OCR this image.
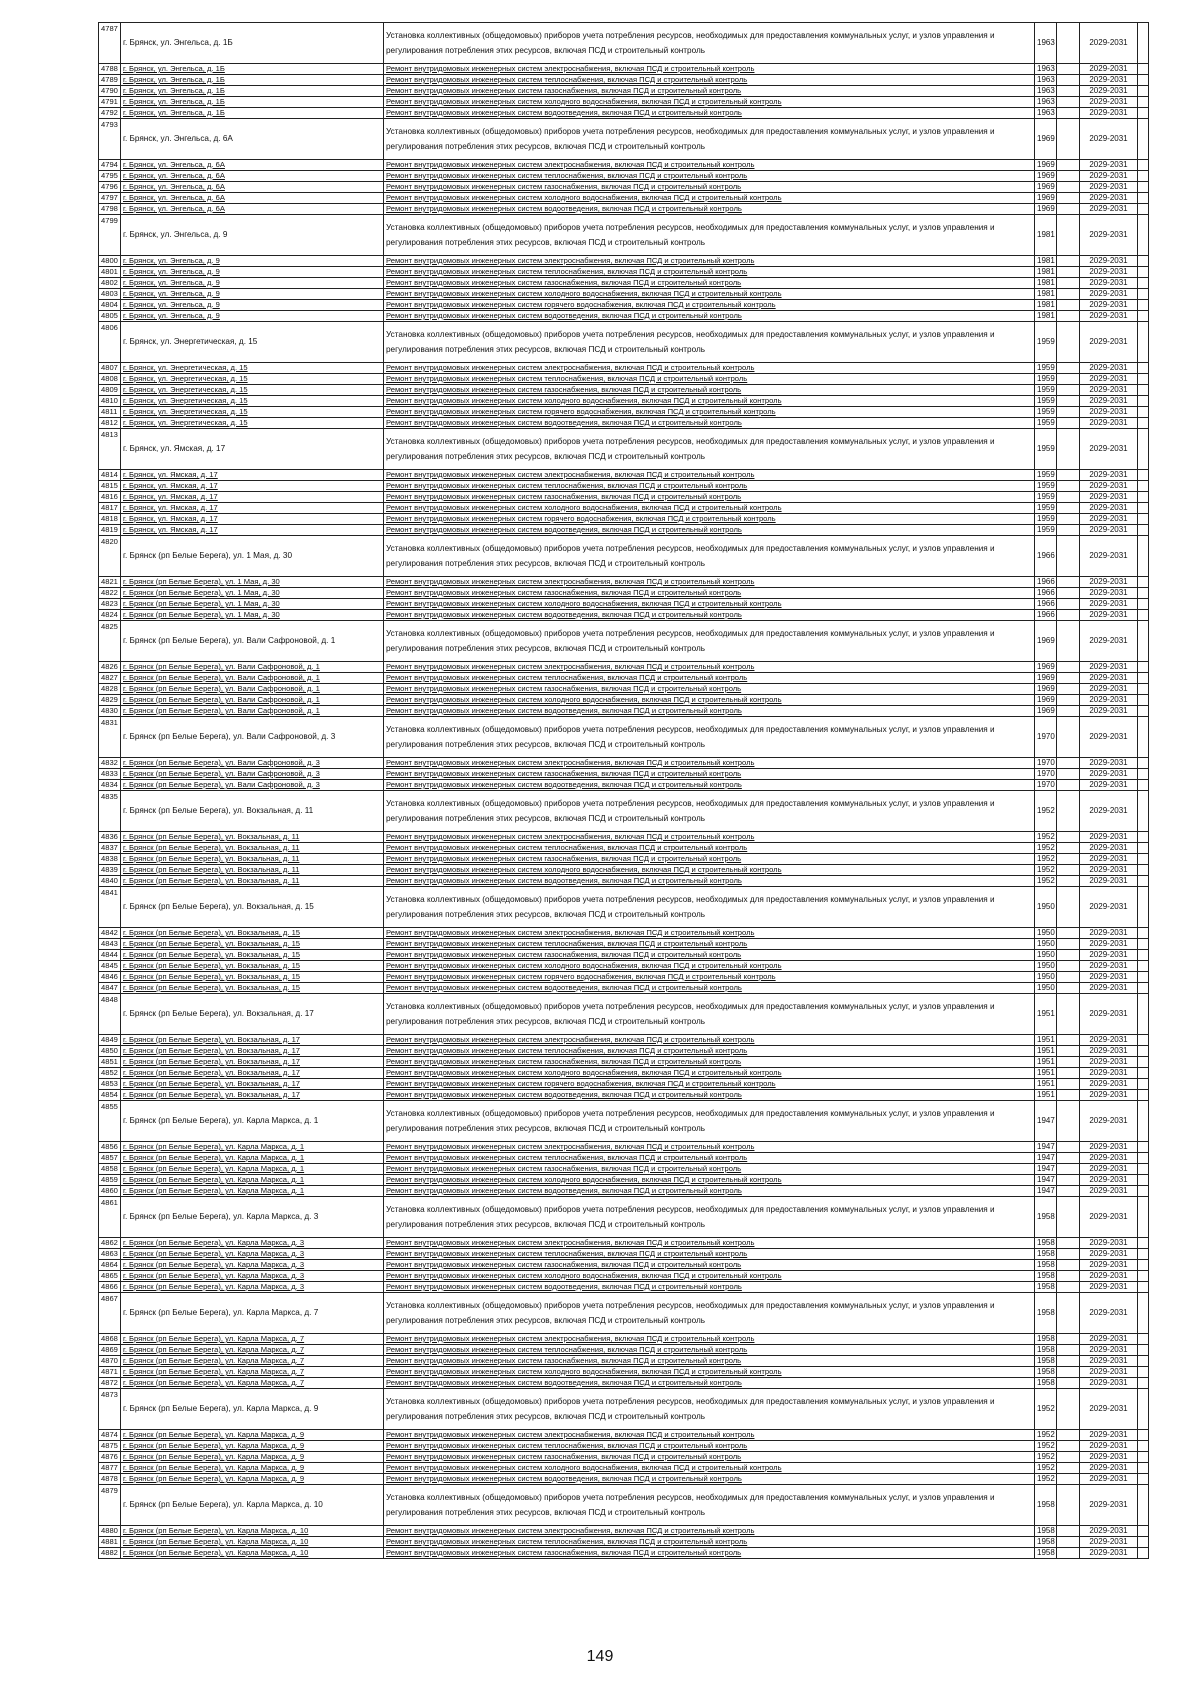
4787	г. Брянск, ул. Энгельса, д. 1Б	Установка коллективных (общедомовых) приборов учета потребления ресурсов, необходимых для предоставления коммунальных услуг, и узлов управления и регулирования потребления этих ресурсов, включая ПСД и строительный контроль	1963		2029-2031	
4788	г. Брянск, ул. Энгельса, д. 1Б	Ремонт внутридомовых инженерных систем электроснабжения, включая ПСД и строительный контроль	1963		2029-2031	
4789	г. Брянск, ул. Энгельса, д. 1Б	Ремонт внутридомовых инженерных систем теплоснабжения, включая ПСД и строительный контроль	1963		2029-2031	
4790	г. Брянск, ул. Энгельса, д. 1Б	Ремонт внутридомовых инженерных систем газоснабжения, включая ПСД и строительный контроль	1963		2029-2031	
4791	г. Брянск, ул. Энгельса, д. 1Б	Ремонт внутридомовых инженерных систем холодного водоснабжения, включая ПСД и строительный контроль	1963		2029-2031	
4792	г. Брянск, ул. Энгельса, д. 1Б	Ремонт внутридомовых инженерных систем водоотведения, включая ПСД и строительный контроль	1963		2029-2031	
4793	г. Брянск, ул. Энгельса, д. 6А	Установка коллективных (общедомовых) приборов учета потребления ресурсов, необходимых для предоставления коммунальных услуг, и узлов управления и регулирования потребления этих ресурсов, включая ПСД и строительный контроль	1969		2029-2031	
4794	г. Брянск, ул. Энгельса, д. 6А	Ремонт внутридомовых инженерных систем электроснабжения, включая ПСД и строительный контроль	1969		2029-2031	
4795	г. Брянск, ул. Энгельса, д. 6А	Ремонт внутридомовых инженерных систем теплоснабжения, включая ПСД и строительный контроль	1969		2029-2031	
4796	г. Брянск, ул. Энгельса, д. 6А	Ремонт внутридомовых инженерных систем газоснабжения, включая ПСД и строительный контроль	1969		2029-2031	
4797	г. Брянск, ул. Энгельса, д. 6А	Ремонт внутридомовых инженерных систем холодного водоснабжения, включая ПСД и строительный контроль	1969		2029-2031	
4798	г. Брянск, ул. Энгельса, д. 6А	Ремонт внутридомовых инженерных систем водоотведения, включая ПСД и строительный контроль	1969		2029-2031	
4799	г. Брянск, ул. Энгельса, д. 9	Установка коллективных (общедомовых) приборов учета потребления ресурсов, необходимых для предоставления коммунальных услуг, и узлов управления и регулирования потребления этих ресурсов, включая ПСД и строительный контроль	1981		2029-2031	
4800	г. Брянск, ул. Энгельса, д. 9	Ремонт внутридомовых инженерных систем электроснабжения, включая ПСД и строительный контроль	1981		2029-2031	
4801	г. Брянск, ул. Энгельса, д. 9	Ремонт внутридомовых инженерных систем теплоснабжения, включая ПСД и строительный контроль	1981		2029-2031	
4802	г. Брянск, ул. Энгельса, д. 9	Ремонт внутридомовых инженерных систем газоснабжения, включая ПСД и строительный контроль	1981		2029-2031	
4803	г. Брянск, ул. Энгельса, д. 9	Ремонт внутридомовых инженерных систем холодного водоснабжения, включая ПСД и строительный контроль	1981		2029-2031	
4804	г. Брянск, ул. Энгельса, д. 9	Ремонт внутридомовых инженерных систем горячего водоснабжения, включая ПСД и строительный контроль	1981		2029-2031	
4805	г. Брянск, ул. Энгельса, д. 9	Ремонт внутридомовых инженерных систем водоотведения, включая ПСД и строительный контроль	1981		2029-2031	
4806	г. Брянск, ул. Энергетическая, д. 15	Установка коллективных (общедомовых) приборов учета потребления ресурсов, необходимых для предоставления коммунальных услуг, и узлов управления и регулирования потребления этих ресурсов, включая ПСД и строительный контроль	1959		2029-2031	
4807	г. Брянск, ул. Энергетическая, д. 15	Ремонт внутридомовых инженерных систем электроснабжения, включая ПСД и строительный контроль	1959		2029-2031	
4808	г. Брянск, ул. Энергетическая, д. 15	Ремонт внутридомовых инженерных систем теплоснабжения, включая ПСД и строительный контроль	1959		2029-2031	
4809	г. Брянск, ул. Энергетическая, д. 15	Ремонт внутридомовых инженерных систем газоснабжения, включая ПСД и строительный контроль	1959		2029-2031	
4810	г. Брянск, ул. Энергетическая, д. 15	Ремонт внутридомовых инженерных систем холодного водоснабжения, включая ПСД и строительный контроль	1959		2029-2031	
4811	г. Брянск, ул. Энергетическая, д. 15	Ремонт внутридомовых инженерных систем горячего водоснабжения, включая ПСД и строительный контроль	1959		2029-2031	
4812	г. Брянск, ул. Энергетическая, д. 15	Ремонт внутридомовых инженерных систем водоотведения, включая ПСД и строительный контроль	1959		2029-2031	
4813	г. Брянск, ул. Ямская, д. 17	Установка коллективных (общедомовых) приборов учета потребления ресурсов, необходимых для предоставления коммунальных услуг, и узлов управления и регулирования потребления этих ресурсов, включая ПСД и строительный контроль	1959		2029-2031	
4814	г. Брянск, ул. Ямская, д. 17	Ремонт внутридомовых инженерных систем электроснабжения, включая ПСД и строительный контроль	1959		2029-2031	
4815	г. Брянск, ул. Ямская, д. 17	Ремонт внутридомовых инженерных систем теплоснабжения, включая ПСД и строительный контроль	1959		2029-2031	
4816	г. Брянск, ул. Ямская, д. 17	Ремонт внутридомовых инженерных систем газоснабжения, включая ПСД и строительный контроль	1959		2029-2031	
4817	г. Брянск, ул. Ямская, д. 17	Ремонт внутридомовых инженерных систем холодного водоснабжения, включая ПСД и строительный контроль	1959		2029-2031	
4818	г. Брянск, ул. Ямская, д. 17	Ремонт внутридомовых инженерных систем горячего водоснабжения, включая ПСД и строительный контроль	1959		2029-2031	
4819	г. Брянск, ул. Ямская, д. 17	Ремонт внутридомовых инженерных систем водоотведения, включая ПСД и строительный контроль	1959		2029-2031	
4820	г. Брянск (рп Белые Берега), ул. 1 Мая, д. 30	Установка коллективных (общедомовых) приборов учета потребления ресурсов, необходимых для предоставления коммунальных услуг, и узлов управления и регулирования потребления этих ресурсов, включая ПСД и строительный контроль	1966		2029-2031	
4821	г. Брянск (рп Белые Берега), ул. 1 Мая, д. 30	Ремонт внутридомовых инженерных систем электроснабжения, включая ПСД и строительный контроль	1966		2029-2031	
4822	г. Брянск (рп Белые Берега), ул. 1 Мая, д. 30	Ремонт внутридомовых инженерных систем газоснабжения, включая ПСД и строительный контроль	1966		2029-2031	
4823	г. Брянск (рп Белые Берега), ул. 1 Мая, д. 30	Ремонт внутридомовых инженерных систем холодного водоснабжения, включая ПСД и строительный контроль	1966		2029-2031	
4824	г. Брянск (рп Белые Берега), ул. 1 Мая, д. 30	Ремонт внутридомовых инженерных систем водоотведения, включая ПСД и строительный контроль	1966		2029-2031	
4825	г. Брянск (рп Белые Берега), ул. Вали Сафроновой, д. 1	Установка коллективных (общедомовых) приборов учета потребления ресурсов, необходимых для предоставления коммунальных услуг, и узлов управления и регулирования потребления этих ресурсов, включая ПСД и строительный контроль	1969		2029-2031	
4826	г. Брянск (рп Белые Берега), ул. Вали Сафроновой, д. 1	Ремонт внутридомовых инженерных систем электроснабжения, включая ПСД и строительный контроль	1969		2029-2031	
4827	г. Брянск (рп Белые Берега), ул. Вали Сафроновой, д. 1	Ремонт внутридомовых инженерных систем теплоснабжения, включая ПСД и строительный контроль	1969		2029-2031	
4828	г. Брянск (рп Белые Берега), ул. Вали Сафроновой, д. 1	Ремонт внутридомовых инженерных систем газоснабжения, включая ПСД и строительный контроль	1969		2029-2031	
4829	г. Брянск (рп Белые Берега), ул. Вали Сафроновой, д. 1	Ремонт внутридомовых инженерных систем холодного водоснабжения, включая ПСД и строительный контроль	1969		2029-2031	
4830	г. Брянск (рп Белые Берега), ул. Вали Сафроновой, д. 1	Ремонт внутридомовых инженерных систем водоотведения, включая ПСД и строительный контроль	1969		2029-2031	
4831	г. Брянск (рп Белые Берега), ул. Вали Сафроновой, д. 3	Установка коллективных (общедомовых) приборов учета потребления ресурсов, необходимых для предоставления коммунальных услуг, и узлов управления и регулирования потребления этих ресурсов, включая ПСД и строительный контроль	1970		2029-2031	
4832	г. Брянск (рп Белые Берега), ул. Вали Сафроновой, д. 3	Ремонт внутридомовых инженерных систем электроснабжения, включая ПСД и строительный контроль	1970		2029-2031	
4833	г. Брянск (рп Белые Берега), ул. Вали Сафроновой, д. 3	Ремонт внутридомовых инженерных систем газоснабжения, включая ПСД и строительный контроль	1970		2029-2031	
4834	г. Брянск (рп Белые Берега), ул. Вали Сафроновой, д. 3	Ремонт внутридомовых инженерных систем водоотведения, включая ПСД и строительный контроль	1970		2029-2031	
4835	г. Брянск (рп Белые Берега), ул. Вокзальная, д. 11	Установка коллективных (общедомовых) приборов учета потребления ресурсов, необходимых для предоставления коммунальных услуг, и узлов управления и регулирования потребления этих ресурсов, включая ПСД и строительный контроль	1952		2029-2031	
4836	г. Брянск (рп Белые Берега), ул. Вокзальная, д. 11	Ремонт внутридомовых инженерных систем электроснабжения, включая ПСД и строительный контроль	1952		2029-2031	
4837	г. Брянск (рп Белые Берега), ул. Вокзальная, д. 11	Ремонт внутридомовых инженерных систем теплоснабжения, включая ПСД и строительный контроль	1952		2029-2031	
4838	г. Брянск (рп Белые Берега), ул. Вокзальная, д. 11	Ремонт внутридомовых инженерных систем газоснабжения, включая ПСД и строительный контроль	1952		2029-2031	
4839	г. Брянск (рп Белые Берега), ул. Вокзальная, д. 11	Ремонт внутридомовых инженерных систем холодного водоснабжения, включая ПСД и строительный контроль	1952		2029-2031	
4840	г. Брянск (рп Белые Берега), ул. Вокзальная, д. 11	Ремонт внутридомовых инженерных систем водоотведения, включая ПСД и строительный контроль	1952		2029-2031	
4841	г. Брянск (рп Белые Берега), ул. Вокзальная, д. 15	Установка коллективных (общедомовых) приборов учета потребления ресурсов, необходимых для предоставления коммунальных услуг, и узлов управления и регулирования потребления этих ресурсов, включая ПСД и строительный контроль	1950		2029-2031	
4842	г. Брянск (рп Белые Берега), ул. Вокзальная, д. 15	Ремонт внутридомовых инженерных систем электроснабжения, включая ПСД и строительный контроль	1950		2029-2031	
4843	г. Брянск (рп Белые Берега), ул. Вокзальная, д. 15	Ремонт внутридомовых инженерных систем теплоснабжения, включая ПСД и строительный контроль	1950		2029-2031	
4844	г. Брянск (рп Белые Берега), ул. Вокзальная, д. 15	Ремонт внутридомовых инженерных систем газоснабжения, включая ПСД и строительный контроль	1950		2029-2031	
4845	г. Брянск (рп Белые Берега), ул. Вокзальная, д. 15	Ремонт внутридомовых инженерных систем холодного водоснабжения, включая ПСД и строительный контроль	1950		2029-2031	
4846	г. Брянск (рп Белые Берега), ул. Вокзальная, д. 15	Ремонт внутридомовых инженерных систем горячего водоснабжения, включая ПСД и строительный контроль	1950		2029-2031	
4847	г. Брянск (рп Белые Берега), ул. Вокзальная, д. 15	Ремонт внутридомовых инженерных систем водоотведения, включая ПСД и строительный контроль	1950		2029-2031	
4848	г. Брянск (рп Белые Берега), ул. Вокзальная, д. 17	Установка коллективных (общедомовых) приборов учета потребления ресурсов, необходимых для предоставления коммунальных услуг, и узлов управления и регулирования потребления этих ресурсов, включая ПСД и строительный контроль	1951		2029-2031	
4849	г. Брянск (рп Белые Берега), ул. Вокзальная, д. 17	Ремонт внутридомовых инженерных систем электроснабжения, включая ПСД и строительный контроль	1951		2029-2031	
4850	г. Брянск (рп Белые Берега), ул. Вокзальная, д. 17	Ремонт внутридомовых инженерных систем теплоснабжения, включая ПСД и строительный контроль	1951		2029-2031	
4851	г. Брянск (рп Белые Берега), ул. Вокзальная, д. 17	Ремонт внутридомовых инженерных систем газоснабжения, включая ПСД и строительный контроль	1951		2029-2031	
4852	г. Брянск (рп Белые Берега), ул. Вокзальная, д. 17	Ремонт внутридомовых инженерных систем холодного водоснабжения, включая ПСД и строительный контроль	1951		2029-2031	
4853	г. Брянск (рп Белые Берега), ул. Вокзальная, д. 17	Ремонт внутридомовых инженерных систем горячего водоснабжения, включая ПСД и строительный контроль	1951		2029-2031	
4854	г. Брянск (рп Белые Берега), ул. Вокзальная, д. 17	Ремонт внутридомовых инженерных систем водоотведения, включая ПСД и строительный контроль	1951		2029-2031	
4855	г. Брянск (рп Белые Берега), ул. Карла Маркса, д. 1	Установка коллективных (общедомовых) приборов учета потребления ресурсов, необходимых для предоставления коммунальных услуг, и узлов управления и регулирования потребления этих ресурсов, включая ПСД и строительный контроль	1947		2029-2031	
4856	г. Брянск (рп Белые Берега), ул. Карла Маркса, д. 1	Ремонт внутридомовых инженерных систем электроснабжения, включая ПСД и строительный контроль	1947		2029-2031	
4857	г. Брянск (рп Белые Берега), ул. Карла Маркса, д. 1	Ремонт внутридомовых инженерных систем теплоснабжения, включая ПСД и строительный контроль	1947		2029-2031	
4858	г. Брянск (рп Белые Берега), ул. Карла Маркса, д. 1	Ремонт внутридомовых инженерных систем газоснабжения, включая ПСД и строительный контроль	1947		2029-2031	
4859	г. Брянск (рп Белые Берега), ул. Карла Маркса, д. 1	Ремонт внутридомовых инженерных систем холодного водоснабжения, включая ПСД и строительный контроль	1947		2029-2031	
4860	г. Брянск (рп Белые Берега), ул. Карла Маркса, д. 1	Ремонт внутридомовых инженерных систем водоотведения, включая ПСД и строительный контроль	1947		2029-2031	
4861	г. Брянск (рп Белые Берега), ул. Карла Маркса, д. 3	Установка коллективных (общедомовых) приборов учета потребления ресурсов, необходимых для предоставления коммунальных услуг, и узлов управления и регулирования потребления этих ресурсов, включая ПСД и строительный контроль	1958		2029-2031	
4862	г. Брянск (рп Белые Берега), ул. Карла Маркса, д. 3	Ремонт внутридомовых инженерных систем электроснабжения, включая ПСД и строительный контроль	1958		2029-2031	
4863	г. Брянск (рп Белые Берега), ул. Карла Маркса, д. 3	Ремонт внутридомовых инженерных систем теплоснабжения, включая ПСД и строительный контроль	1958		2029-2031	
4864	г. Брянск (рп Белые Берега), ул. Карла Маркса, д. 3	Ремонт внутридомовых инженерных систем газоснабжения, включая ПСД и строительный контроль	1958		2029-2031	
4865	г. Брянск (рп Белые Берега), ул. Карла Маркса, д. 3	Ремонт внутридомовых инженерных систем холодного водоснабжения, включая ПСД и строительный контроль	1958		2029-2031	
4866	г. Брянск (рп Белые Берега), ул. Карла Маркса, д. 3	Ремонт внутридомовых инженерных систем водоотведения, включая ПСД и строительный контроль	1958		2029-2031	
4867	г. Брянск (рп Белые Берега), ул. Карла Маркса, д. 7	Установка коллективных (общедомовых) приборов учета потребления ресурсов, необходимых для предоставления коммунальных услуг, и узлов управления и регулирования потребления этих ресурсов, включая ПСД и строительный контроль	1958		2029-2031	
4868	г. Брянск (рп Белые Берега), ул. Карла Маркса, д. 7	Ремонт внутридомовых инженерных систем электроснабжения, включая ПСД и строительный контроль	1958		2029-2031	
4869	г. Брянск (рп Белые Берега), ул. Карла Маркса, д. 7	Ремонт внутридомовых инженерных систем теплоснабжения, включая ПСД и строительный контроль	1958		2029-2031	
4870	г. Брянск (рп Белые Берега), ул. Карла Маркса, д. 7	Ремонт внутридомовых инженерных систем газоснабжения, включая ПСД и строительный контроль	1958		2029-2031	
4871	г. Брянск (рп Белые Берега), ул. Карла Маркса, д. 7	Ремонт внутридомовых инженерных систем холодного водоснабжения, включая ПСД и строительный контроль	1958		2029-2031	
4872	г. Брянск (рп Белые Берега), ул. Карла Маркса, д. 7	Ремонт внутридомовых инженерных систем водоотведения, включая ПСД и строительный контроль	1958		2029-2031	
4873	г. Брянск (рп Белые Берега), ул. Карла Маркса, д. 9	Установка коллективных (общедомовых) приборов учета потребления ресурсов, необходимых для предоставления коммунальных услуг, и узлов управления и регулирования потребления этих ресурсов, включая ПСД и строительный контроль	1952		2029-2031	
4874	г. Брянск (рп Белые Берега), ул. Карла Маркса, д. 9	Ремонт внутридомовых инженерных систем электроснабжения, включая ПСД и строительный контроль	1952		2029-2031	
4875	г. Брянск (рп Белые Берега), ул. Карла Маркса, д. 9	Ремонт внутридомовых инженерных систем теплоснабжения, включая ПСД и строительный контроль	1952		2029-2031	
4876	г. Брянск (рп Белые Берега), ул. Карла Маркса, д. 9	Ремонт внутридомовых инженерных систем газоснабжения, включая ПСД и строительный контроль	1952		2029-2031	
4877	г. Брянск (рп Белые Берега), ул. Карла Маркса, д. 9	Ремонт внутридомовых инженерных систем холодного водоснабжения, включая ПСД и строительный контроль	1952		2029-2031	
4878	г. Брянск (рп Белые Берега), ул. Карла Маркса, д. 9	Ремонт внутридомовых инженерных систем водоотведения, включая ПСД и строительный контроль	1952		2029-2031	
4879	г. Брянск (рп Белые Берега), ул. Карла Маркса, д. 10	Установка коллективных (общедомовых) приборов учета потребления ресурсов, необходимых для предоставления коммунальных услуг, и узлов управления и регулирования потребления этих ресурсов, включая ПСД и строительный контроль	1958		2029-2031	
4880	г. Брянск (рп Белые Берега), ул. Карла Маркса, д. 10	Ремонт внутридомовых инженерных систем электроснабжения, включая ПСД и строительный контроль	1958		2029-2031	
4881	г. Брянск (рп Белые Берега), ул. Карла Маркса, д. 10	Ремонт внутридомовых инженерных систем теплоснабжения, включая ПСД и строительный контроль	1958		2029-2031	
4882	г. Брянск (рп Белые Берега), ул. Карла Маркса, д. 10	Ремонт внутридомовых инженерных систем газоснабжения, включая ПСД и строительный контроль	1958		2029-2031	
149
